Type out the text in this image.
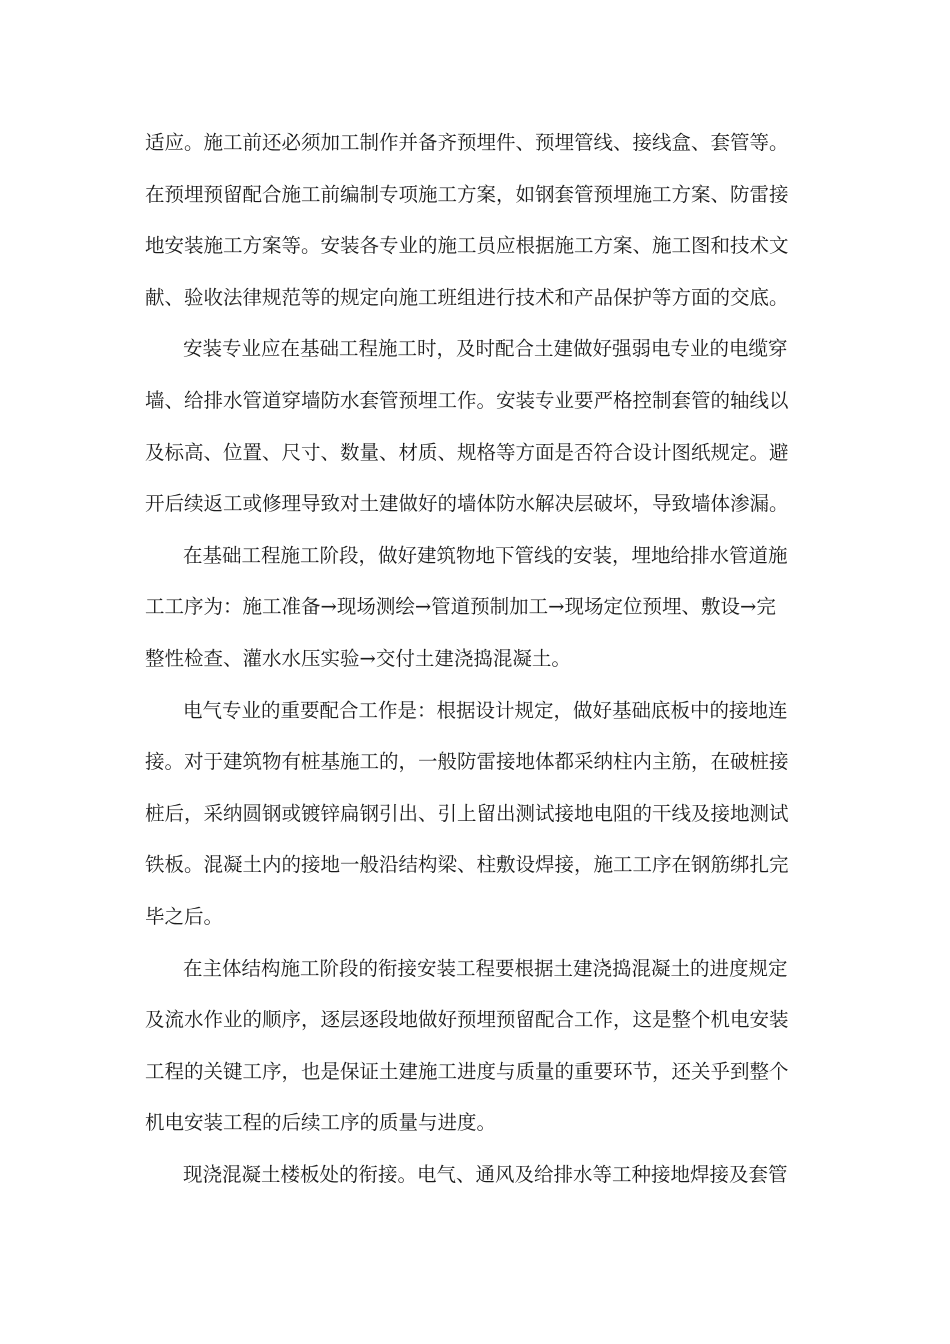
适应。施工前还必须加工制作并备齐预埋件、预埋管线、接线盒、套管等。
在预埋预留配合施工前编制专项施工方案，如钢套管预埋施工方案、防雷接
地安装施工方案等。安装各专业的施工员应根据施工方案、施工图和技术文
献、验收法律规范等的规定向施工班组进行技术和产品保护等方面的交底。
安装专业应在基础工程施工时，及时配合土建做好强弱电专业的电缆穿
墙、给排水管道穿墙防水套管预埋工作。安装专业要严格控制套管的轴线以
及标高、位置、尺寸、数量、材质、规格等方面是否符合设计图纸规定。避
开后续返工或修理导致对土建做好的墙体防水解决层破坏，导致墙体渗漏。
在基础工程施工阶段，做好建筑物地下管线的安装，埋地给排水管道施
工工序为：施工准备→现场测绘→管道预制加工→现场定位预埋、敷设→完
整性检查、灌水水压实验→交付土建浇捣混凝土。
电气专业的重要配合工作是：根据设计规定，做好基础底板中的接地连
接。对于建筑物有桩基施工的，一般防雷接地体都采纳柱内主筋，在破桩接
桩后，采纳圆钢或镀锌扁钢引出、引上留出测试接地电阻的干线及接地测试
铁板。混凝土内的接地一般沿结构梁、柱敷设焊接，施工工序在钢筋绑扎完
毕之后。
在主体结构施工阶段的衔接安装工程要根据土建浇捣混凝土的进度规定
及流水作业的顺序，逐层逐段地做好预埋预留配合工作，这是整个机电安装
工程的关键工序，也是保证土建施工进度与质量的重要环节，还关乎到整个
机电安装工程的后续工序的质量与进度。
现浇混凝土楼板处的衔接。电气、通风及给排水等工种接地焊接及套管
